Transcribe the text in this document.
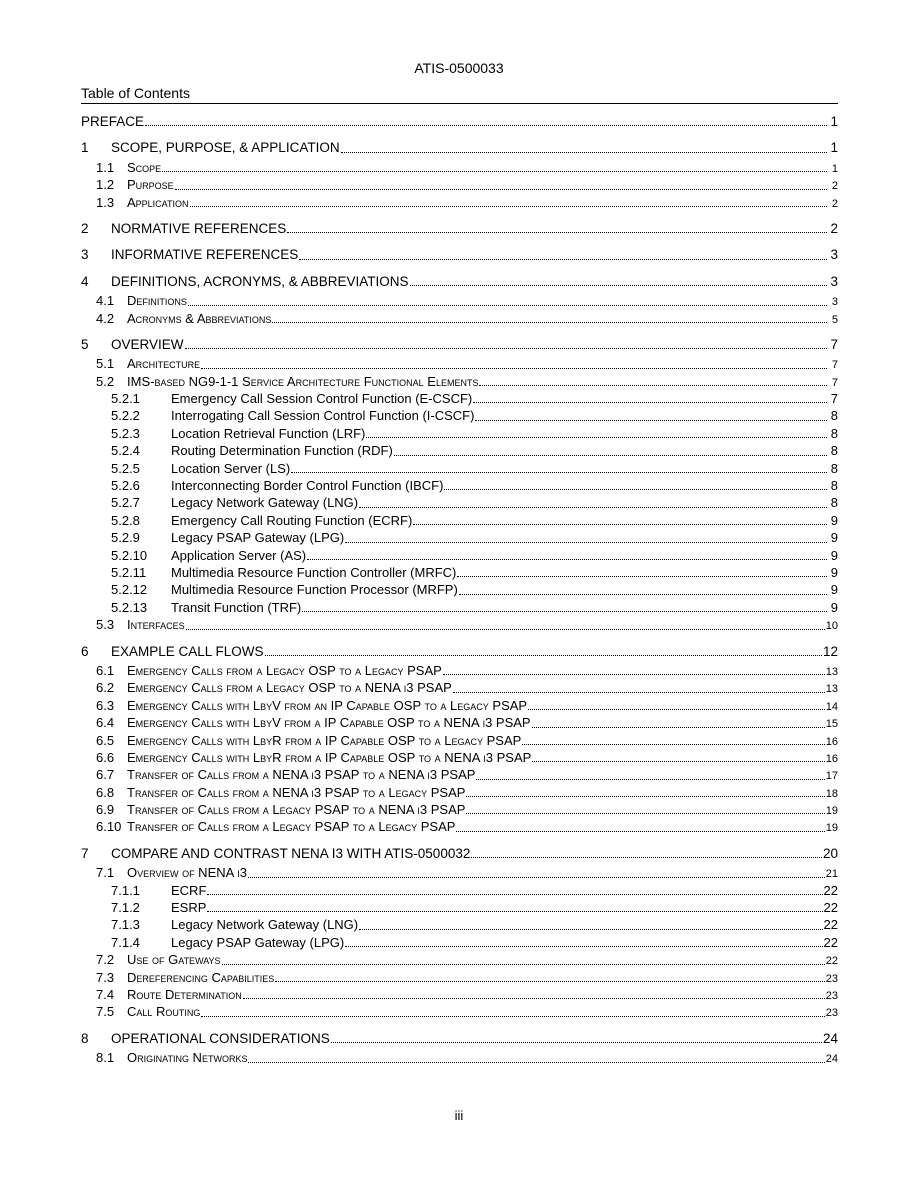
ATIS-0500033
Table of Contents
PREFACE	1
1	SCOPE, PURPOSE, & APPLICATION	1
1.1 Scope	1
1.2 Purpose	2
1.3 Application	2
2	NORMATIVE REFERENCES	2
3	INFORMATIVE REFERENCES	3
4	DEFINITIONS, ACRONYMS, & ABBREVIATIONS	3
4.1 Definitions	3
4.2 Acronyms & Abbreviations	5
5	OVERVIEW	7
5.1 Architecture	7
5.2 IMS-based NG9-1-1 Service Architecture Functional Elements	7
5.2.1	Emergency Call Session Control Function (E-CSCF)	7
5.2.2	Interrogating Call Session Control Function (I-CSCF)	8
5.2.3	Location Retrieval Function (LRF)	8
5.2.4	Routing Determination Function (RDF)	8
5.2.5	Location Server (LS)	8
5.2.6	Interconnecting Border Control Function (IBCF)	8
5.2.7	Legacy Network Gateway (LNG)	8
5.2.8	Emergency Call Routing Function (ECRF)	9
5.2.9	Legacy PSAP Gateway (LPG)	9
5.2.10	Application Server (AS)	9
5.2.11	Multimedia Resource Function Controller (MRFC)	9
5.2.12	Multimedia Resource Function Processor (MRFP)	9
5.2.13	Transit Function (TRF)	9
5.3 Interfaces	10
6	EXAMPLE CALL FLOWS	12
6.1 Emergency Calls from a Legacy OSP to a Legacy PSAP	13
6.2 Emergency Calls from a Legacy OSP to a NENA i3 PSAP	13
6.3 Emergency Calls with LbyV from an IP Capable OSP to a Legacy PSAP	14
6.4 Emergency Calls with LbyV from a IP Capable OSP to a NENA i3 PSAP	15
6.5 Emergency Calls with LbyR from a IP Capable OSP to a Legacy PSAP	16
6.6 Emergency Calls with LbyR from a IP Capable OSP to a NENA i3 PSAP	16
6.7 Transfer of Calls from a NENA i3 PSAP to a NENA i3 PSAP	17
6.8 Transfer of Calls from a NENA i3 PSAP to a Legacy PSAP	18
6.9 Transfer of Calls from a Legacy PSAP to a NENA i3 PSAP	19
6.10 Transfer of Calls from a Legacy PSAP to a Legacy PSAP	19
7	COMPARE AND CONTRAST NENA I3 WITH ATIS-0500032	20
7.1 Overview of NENA i3	21
7.1.1	ECRF	22
7.1.2	ESRP	22
7.1.3	Legacy Network Gateway (LNG)	22
7.1.4	Legacy PSAP Gateway (LPG)	22
7.2 Use of Gateways	22
7.3 Dereferencing Capabilities	23
7.4 Route Determination	23
7.5 Call Routing	23
8	OPERATIONAL CONSIDERATIONS	24
8.1 Originating Networks	24
iii
